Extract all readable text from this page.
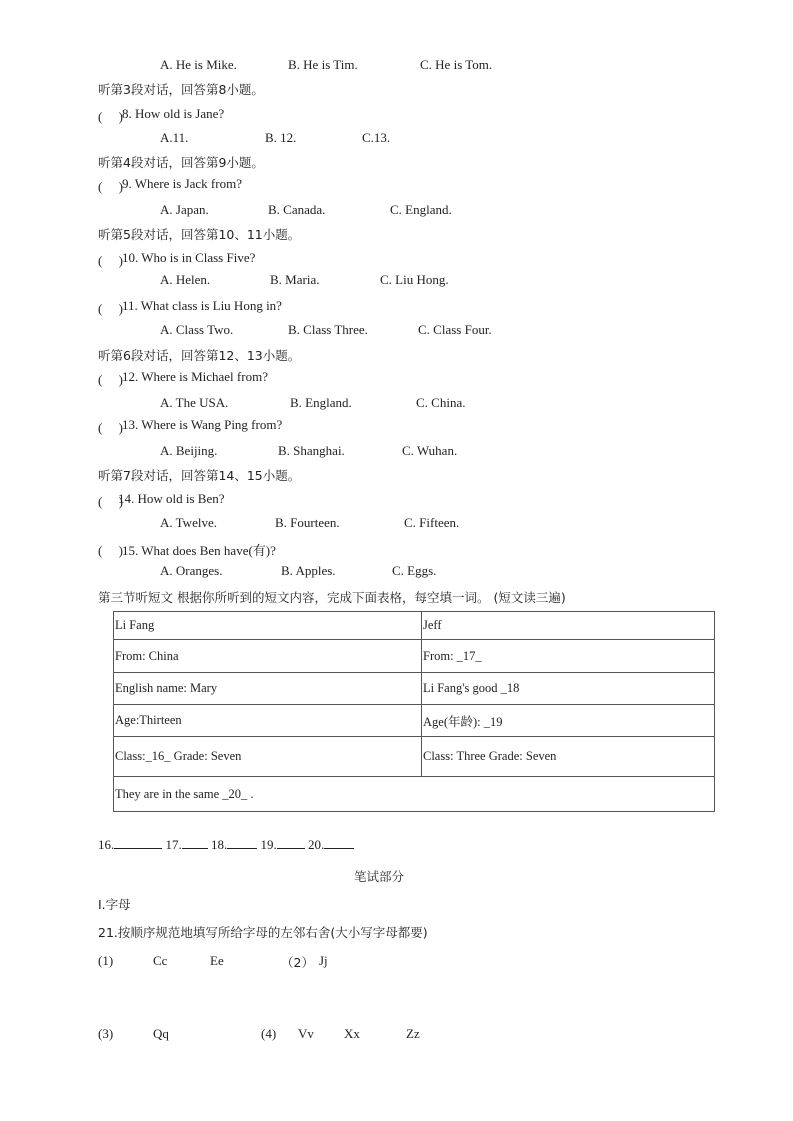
A. He is Mike.	B. He is Tim.	C. He is Tom.
听第3段对话，回答第8小题。
(　 ) 8. How old is Jane?
A.11.	B. 12.	C.13.
听第4段对话，回答第9小题。
(　 ) 9. Where is Jack from?
A. Japan.	B. Canada.	C. England.
听第5段对话，回答第10、11小题。
(　 ) 10. Who is in Class Five?
A. Helen.	B. Maria.	C. Liu Hong.
(　 ) 11. What class is Liu Hong in?
A. Class Two.	B. Class Three.	C. Class Four.
听第6段对话，回答第12、13小题。
(　 ) 12. Where is Michael from?
A. The USA.	B. England.	C. China.
(　 ) 13. Where is Wang Ping from?
A. Beijing.	B. Shanghai.	C. Wuhan.
听第7段对话，回答第14、15小题。
(　 )
14. How old is Ben?
A. Twelve.	B. Fourteen.	C. Fifteen.
(　 ) 15. What does Ben have(有)?
A. Oranges.	B. Apples.	C. Eggs.
第三节听短文 根据你所听到的短文内容，完成下面表格，每空填一词。 (短文读三遍)
Li Fang	Jeff
From: China	From: _17_
English name: Mary	Li Fang's good _18
Age:Thirteen	Age(年龄): _19
Class:_16_ Grade: Seven	Class: Three Grade: Seven
They are in the same _20_ .	
16.	17. 18.	19. 20.
笔试部分
I.字母
21.按顺序规范地填写所给字母的左邻右舍(大小写字母都要)
(1)	Cc	Ee	（2） Jj
(3)	Qq	(4) Vv Xx	Zz
